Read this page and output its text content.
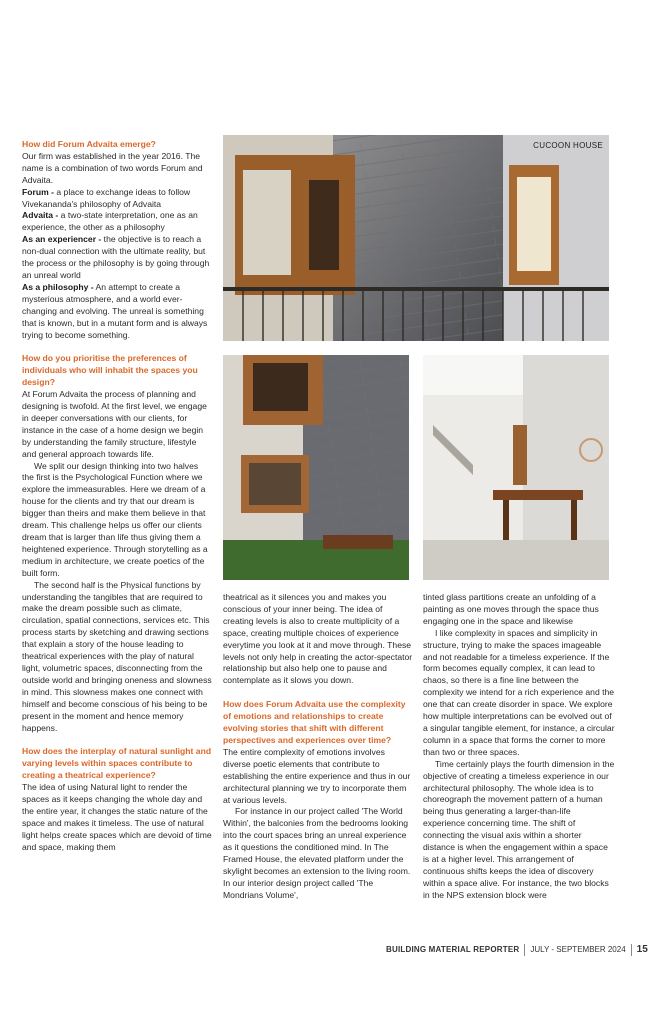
How did Forum Advaita emerge?

Our firm was established in the year 2016. The name is a combination of two words Forum and Advaita.

Forum - a place to exchange ideas to follow Vivekananda's philosophy of Advaita

Advaita - a two-state interpretation, one as an experience, the other as a philosophy

As an experiencer - the objective is to reach a non-dual connection with the ultimate reality, but the process or the philosophy is by going through an unreal world

As a philosophy - An attempt to create a mysterious atmosphere, and a world ever-changing and evolving. The unreal is something that is known, but in a mutant form and is always trying to become something.

How do you prioritise the preferences of individuals who will inhabit the spaces you design?

At Forum Advaita the process of planning and designing is twofold. At the first level, we engage in deeper conversations with our clients, for instance in the case of a home design we begin by understanding the family structure, lifestyle and general approach towards life.

We split our design thinking into two halves the first is the Psychological Function where we explore the immeasurables. Here we dream of a house for the clients and try that our dream is bigger than theirs and make them believe in that dream. This challenge helps us offer our clients dream that is larger than life thus giving them a heightened experience. Through storytelling as a medium in architecture, we create poetics of the built form.

The second half is the Physical functions by understanding the tangibles that are required to make the dream possible such as climate, circulation, spatial connections, services etc. This process starts by sketching and drawing sections that explain a story of the house leading to theatrical experiences with the play of natural light, volumetric spaces, disconnecting from the outside world and bringing oneness and slowness in mind. This slowness makes one connect with himself and become conscious of his being to be present in the moment and hence memory happens.

How does the interplay of natural sunlight and varying levels within spaces contribute to creating a theatrical experience?

The idea of using Natural light to render the spaces as it keeps changing the whole day and the entire year, it changes the static nature of the space and makes it timeless. The use of natural light helps create spaces which are devoid of time and space, making them

theatrical as it silences you and makes you conscious of your inner being. The idea of creating levels is also to create multiplicity of a space, creating multiple choices of experience everytime you look at it and move through. These levels not only help in creating the actor-spectator relationship but also help one to pause and contemplate as it slows you down.

How does Forum Advaita use the complexity of emotions and relationships to create evolving stories that shift with different perspectives and experiences over time?

The entire complexity of emotions involves diverse poetic elements that contribute to establishing the entire experience and thus in our architectural planning we try to incorporate them at various levels.

For instance in our project called 'The World Within', the balconies from the bedrooms looking into the court spaces bring an unreal experience as it questions the conditioned mind. In The Framed House, the elevated platform under the skylight becomes an extension to the living room. In our interior design project called 'The Mondrians Volume',

tinted glass partitions create an unfolding of a painting as one moves through the space thus engaging one in the space and likewise

I like complexity in spaces and simplicity in structure, trying to make the spaces imageable and not readable for a timeless experience. If the form becomes equally complex, it can lead to chaos, so there is a fine line between the complexity we intend for a rich experience and the one that can create disorder in space. We explore how multiple interpretations can be evolved out of a singular tangible element, for instance, a circular column in a space that forms the corner to more than two or three spaces.

Time certainly plays the fourth dimension in the objective of creating a timeless experience in our architectural philosophy. The whole idea is to choreograph the movement pattern of a human being thus generating a larger-than-life experience concerning time. The shift of connecting the visual axis within a shorter distance is when the engagement within a space is at a higher level. This arrangement of continuous shifts keeps the idea of discovery within a space alive. For instance, the two blocks in the NPS extension block were

CUCOON HOUSE
BUILDING MATERIAL REPORTER JULY - SEPTEMBER 2024 15
